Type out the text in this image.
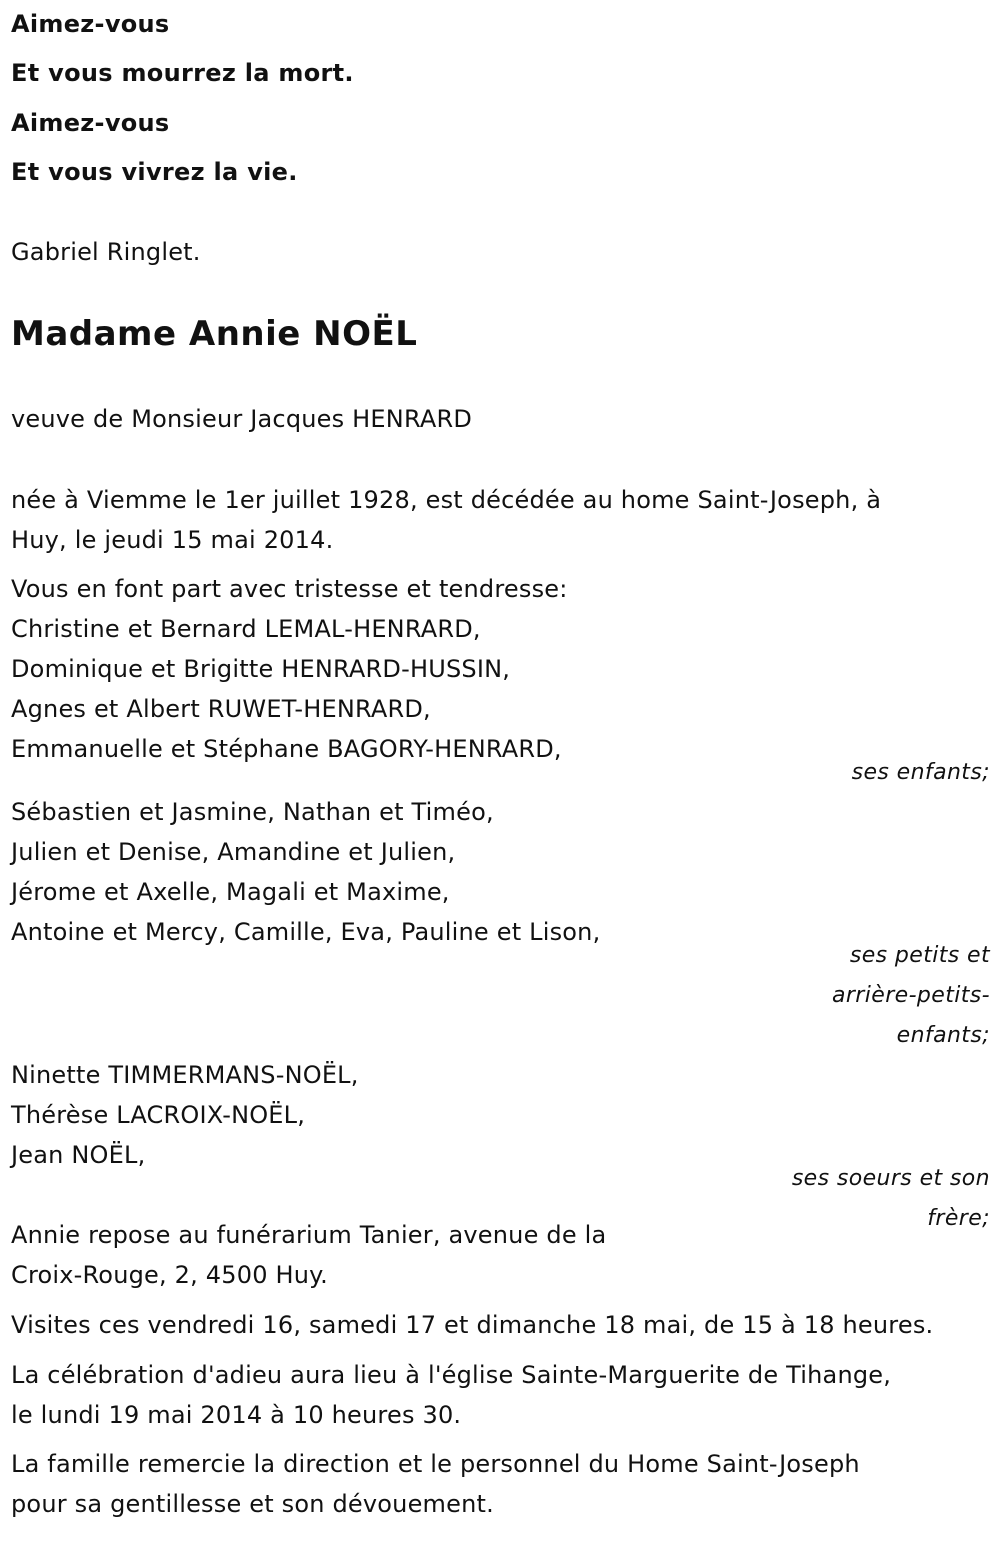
Aimez-vous
Et vous mourrez la mort.
Aimez-vous
Et vous vivrez la vie.
Gabriel Ringlet.
Madame Annie NOËL
veuve de Monsieur Jacques HENRARD
née à Viemme le 1er juillet 1928, est décédée au home Saint-Joseph, à
Huy, le jeudi 15 mai 2014.
Vous en font part avec tristesse et tendresse:
Christine et Bernard LEMAL-HENRARD,
Dominique et Brigitte HENRARD-HUSSIN,
Agnes et Albert RUWET-HENRARD,
Emmanuelle et Stéphane BAGORY-HENRARD,
ses enfants;
Sébastien et Jasmine, Nathan et Timéo,
Julien et Denise, Amandine et Julien,
Jérome et Axelle, Magali et Maxime,
Antoine et Mercy, Camille, Eva, Pauline et Lison,
ses petits et
arrière-petits-
enfants;
Ninette TIMMERMANS-NOËL,
Thérèse LACROIX-NOËL,
Jean NOËL,
ses soeurs et son
frère;
Annie repose au funérarium Tanier, avenue de la
Croix-Rouge, 2, 4500 Huy.
Visites ces vendredi 16, samedi 17 et dimanche 18 mai, de 15 à 18 heures.
La célébration d'adieu aura lieu à l'église Sainte-Marguerite de Tihange,
le lundi 19 mai 2014 à 10 heures 30.
La famille remercie la direction et le personnel du Home Saint-Joseph
pour sa gentillesse et son dévouement.
